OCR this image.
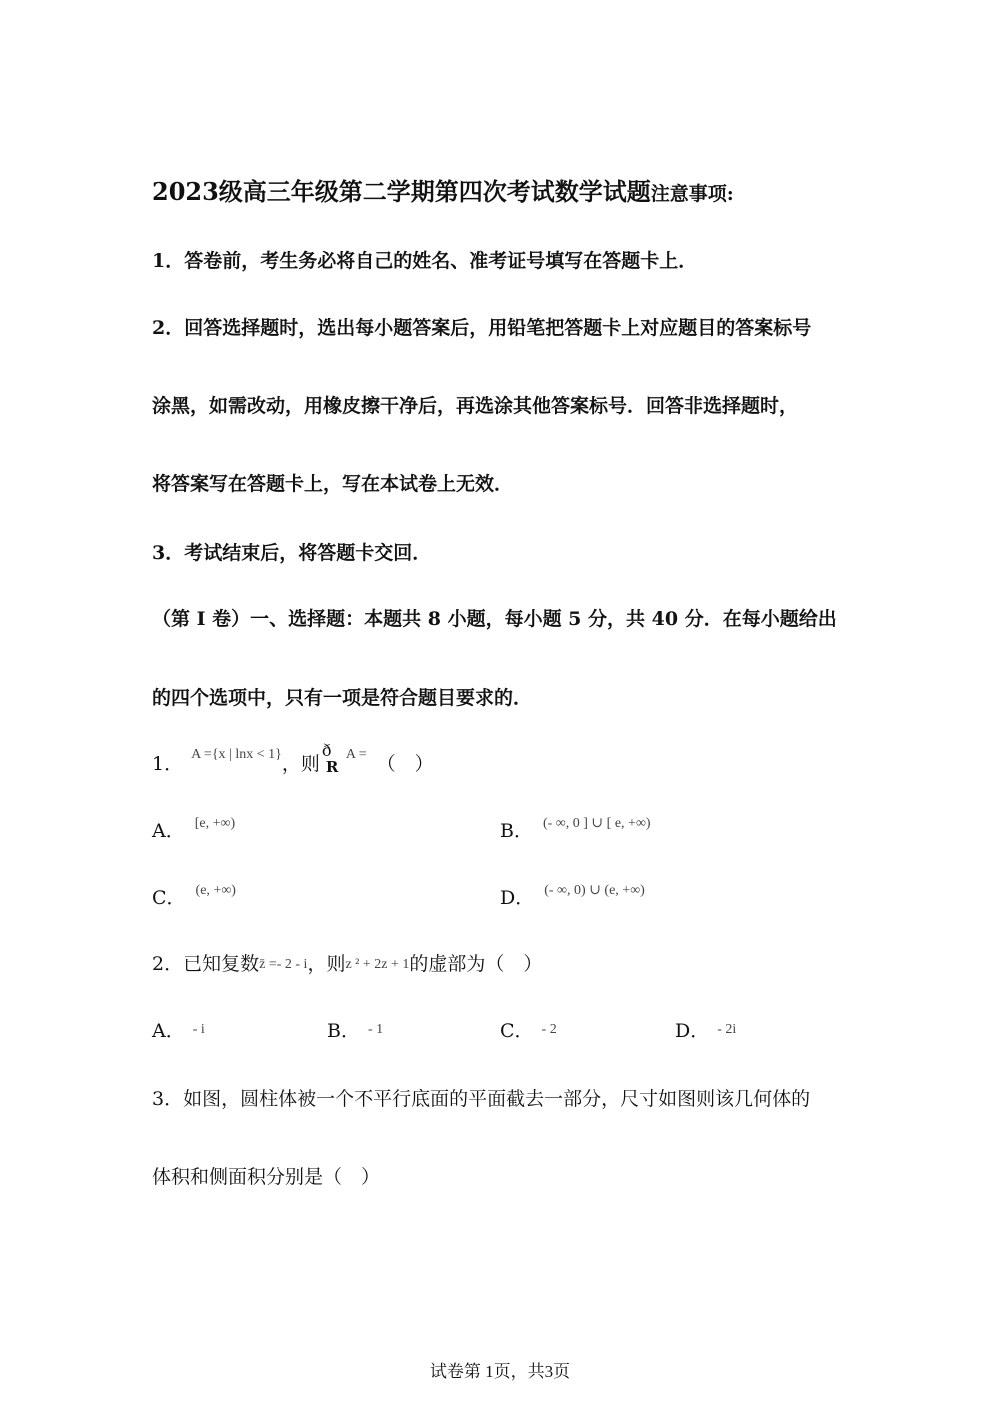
2023级高三年级第二学期第四次考试数学试题注意事项:
1．答卷前，考生务必将自己的姓名、准考证号填写在答题卡上．
2．回答选择题时，选出每小题答案后，用铅笔把答题卡上对应题目的答案标号
涂黑，如需改动，用橡皮擦干净后，再选涂其他答案标号．回答非选择题时，
将答案写在答题卡上，写在本试卷上无效．
3．考试结束后，将答题卡交回．
（第 I 卷）一、选择题：本题共 8 小题，每小题 5 分，共 40 分．在每小题给出
的四个选项中，只有一项是符合题目要求的．
1． $^{A =\{x | lnx < 1\}}$，则
ð
$R^{A =}$ （　）
A． $^{[e, +\infty)}$	B． $^{(- \infty, 0 ] \cup [ e, +\infty)}$
C． $^{(e, +\infty)}$	D． $^{(- \infty, 0) \cup (e, +\infty)}$
2．已知复数z̄ =- 2 - i，则z ² + 2z + 1的虚部为（　）
A． $^{- i}$	B． $^{- 1}$	C． $^{- 2}$	D． $^{- 2i}$
3．如图，圆柱体被一个不平行底面的平面截去一部分，尺寸如图则该几何体的
体积和侧面积分别是（　）
试卷第 1页，共3页
